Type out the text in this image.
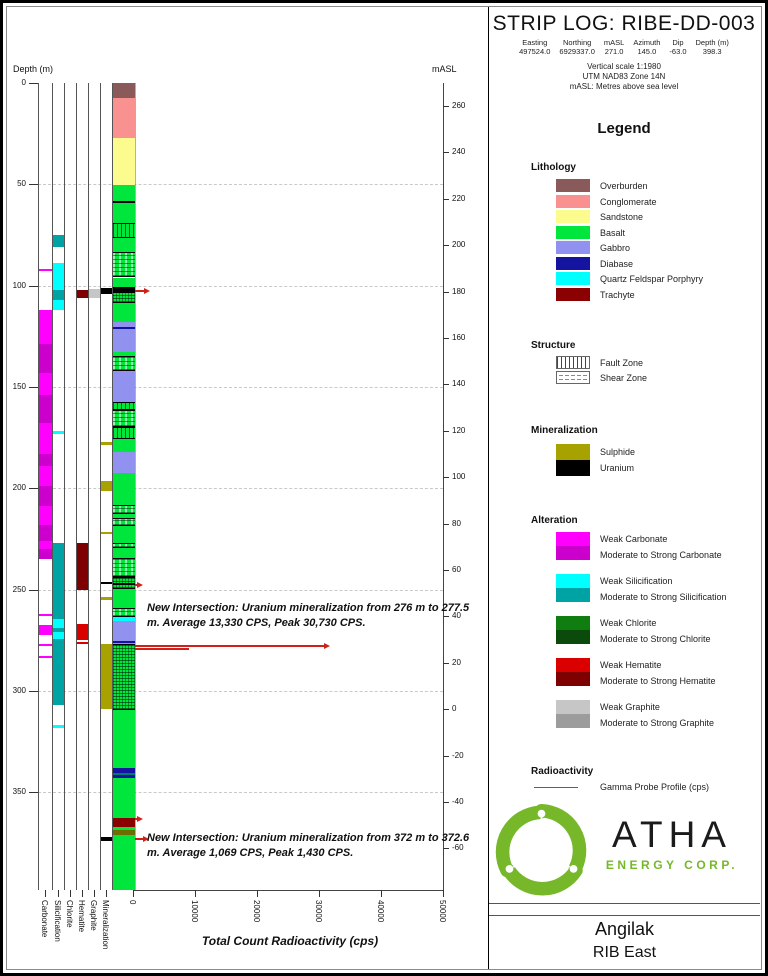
Depth (m)	mASL
Total Count Radioactivity (cps)
0
50
100
150
200
250
300
350
260
240
220
200
180
160
140
120
100
80
60
40
20
0
-20
-40
-60
Carbonate Silicification Chlorite Hematite Graphite Mineralization 0	10000	20000	30000	40000	50000
New Intersection: Uranium mineralization from 276 m to 277.5 m. Average 13,330 CPS, Peak 30,730 CPS.
New Intersection: Uranium mineralization from 372 m to 372.6 m. Average 1,069 CPS, Peak 1,430 CPS.
STRIP LOG: RIBE-DD-003
Easting
497524.0
Northing
6929337.0
mASL
271.0
Azimuth
145.0
Dip
-63.0
Depth (m)
398.3
Vertical scale 1:1980
UTM NAD83 Zone 14N
mASL: Metres above sea level
Legend
Lithology
Overburden
Conglomerate
Sandstone
Basalt
Gabbro
Diabase
Quartz Feldspar Porphyry
Trachyte
Structure
Fault Zone
Shear Zone
Mineralization
Sulphide
Uranium
Alteration
Weak Carbonate
Moderate to Strong Carbonate
Weak Silicification
Moderate to Strong Silicification
Weak Chlorite
Moderate to Strong Chlorite
Weak Hematite
Moderate to Strong Hematite
Weak Graphite
Moderate to Strong Graphite
Radioactivity
Gamma Probe Profile (cps)
ATHA
ENERGY CORP.
Angilak
RIB East
